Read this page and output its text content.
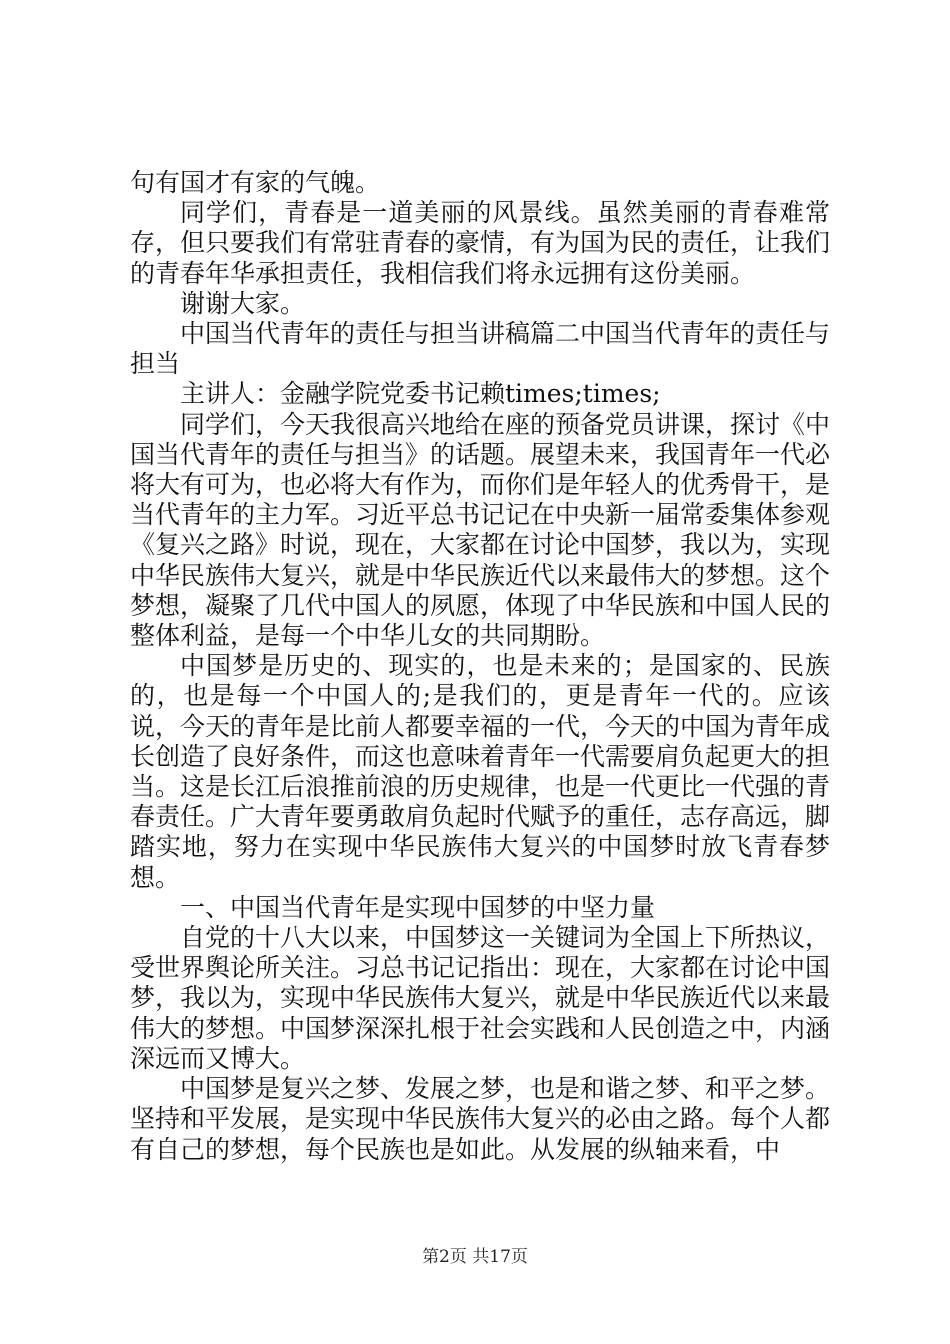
句有国才有家的气魄。

同学们，青春是一道美丽的风景线。虽然美丽的青春难常存，但只要我们有常驻青春的豪情，有为国为民的责任，让我们的青春年华承担责任，我相信我们将永远拥有这份美丽。

谢谢大家。

中国当代青年的责任与担当讲稿篇二中国当代青年的责任与担当

主讲人：金融学院党委书记赖times;times;

同学们，今天我很高兴地给在座的预备党员讲课，探讨《中国当代青年的责任与担当》的话题。展望未来，我国青年一代必将大有可为，也必将大有作为，而你们是年轻人的优秀骨干，是当代青年的主力军。习近平总书记记在中央新一届常委集体参观《复兴之路》时说，现在，大家都在讨论中国梦，我以为，实现中华民族伟大复兴，就是中华民族近代以来最伟大的梦想。这个梦想，凝聚了几代中国人的夙愿，体现了中华民族和中国人民的整体利益，是每一个中华儿女的共同期盼。

中国梦是历史的、现实的，也是未来的；是国家的、民族的，也是每一个中国人的;是我们的，更是青年一代的。应该说，今天的青年是比前人都要幸福的一代，今天的中国为青年成长创造了良好条件，而这也意味着青年一代需要肩负起更大的担当。这是长江后浪推前浪的历史规律，也是一代更比一代强的青春责任。广大青年要勇敢肩负起时代赋予的重任，志存高远，脚踏实地，努力在实现中华民族伟大复兴的中国梦时放飞青春梦想。

一、中国当代青年是实现中国梦的中坚力量

自党的十八大以来，中国梦这一关键词为全国上下所热议，受世界舆论所关注。习总书记记指出：现在，大家都在讨论中国梦，我以为，实现中华民族伟大复兴，就是中华民族近代以来最伟大的梦想。中国梦深深扎根于社会实践和人民创造之中，内涵深远而又博大。

中国梦是复兴之梦、发展之梦，也是和谐之梦、和平之梦。坚持和平发展，是实现中华民族伟大复兴的必由之路。每个人都有自己的梦想，每个民族也是如此。从发展的纵轴来看，中

第2页 共17页
